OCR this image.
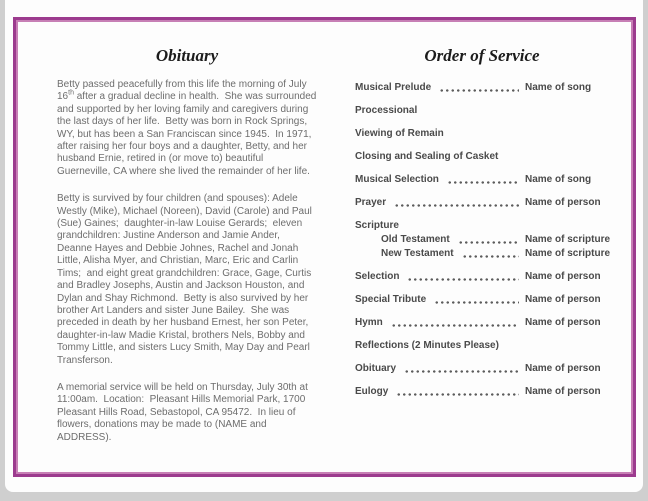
Obituary

Betty passed peacefully from this life the morning of July 16th after a gradual decline in health.  She was surrounded and supported by her loving family and caregivers during the last days of her life.  Betty was born in Rock Springs, WY, but has been a San Franciscan since 1945.  In 1971, after raising her four boys and a daughter, Betty, and her husband Ernie, retired in (or move to) beautiful Guerneville, CA where she lived the remainder of her life.

Betty is survived by four children (and spouses): Adele Westly (Mike), Michael (Noreen), David (Carole) and Paul (Sue) Gaines;  daughter-in-law Louise Gerards;  eleven grandchildren: Justine Anderson and Jamie Ander, Deanne Hayes and Debbie Johnes, Rachel and Jonah Little, Alisha Myer, and Christian, Marc, Eric and Carlin Tims;  and eight great grandchildren: Grace, Gage, Curtis and Bradley Josephs, Austin and Jackson Houston, and Dylan and Shay Richmond.  Betty is also survived by her brother Art Landers and sister June Bailey.  She was preceded in death by her husband Ernest, her son Peter, daughter-in-law Madie Kristal, brothers Nels, Bobby and Tommy Little, and sisters Lucy Smith, May Day and Pearl Transferson.

A memorial service will be held on Thursday, July 30th at 11:00am.  Location:  Pleasant Hills Memorial Park, 1700 Pleasant Hills Road, Sebastopol, CA 95472.  In lieu of flowers, donations may be made to (NAME and ADDRESS).

Order of Service
Musical Prelude	Name of song
Processional
Viewing of Remain
Closing and Sealing of Casket
Musical Selection	Name of song
Prayer	Name of person
Scripture
Old Testament	Name of scripture
New Testament	Name of scripture
Selection	Name of person
Special Tribute	Name of person
Hymn	Name of person
Reflections (2 Minutes Please)
Obituary	Name of person
Eulogy	Name of person
